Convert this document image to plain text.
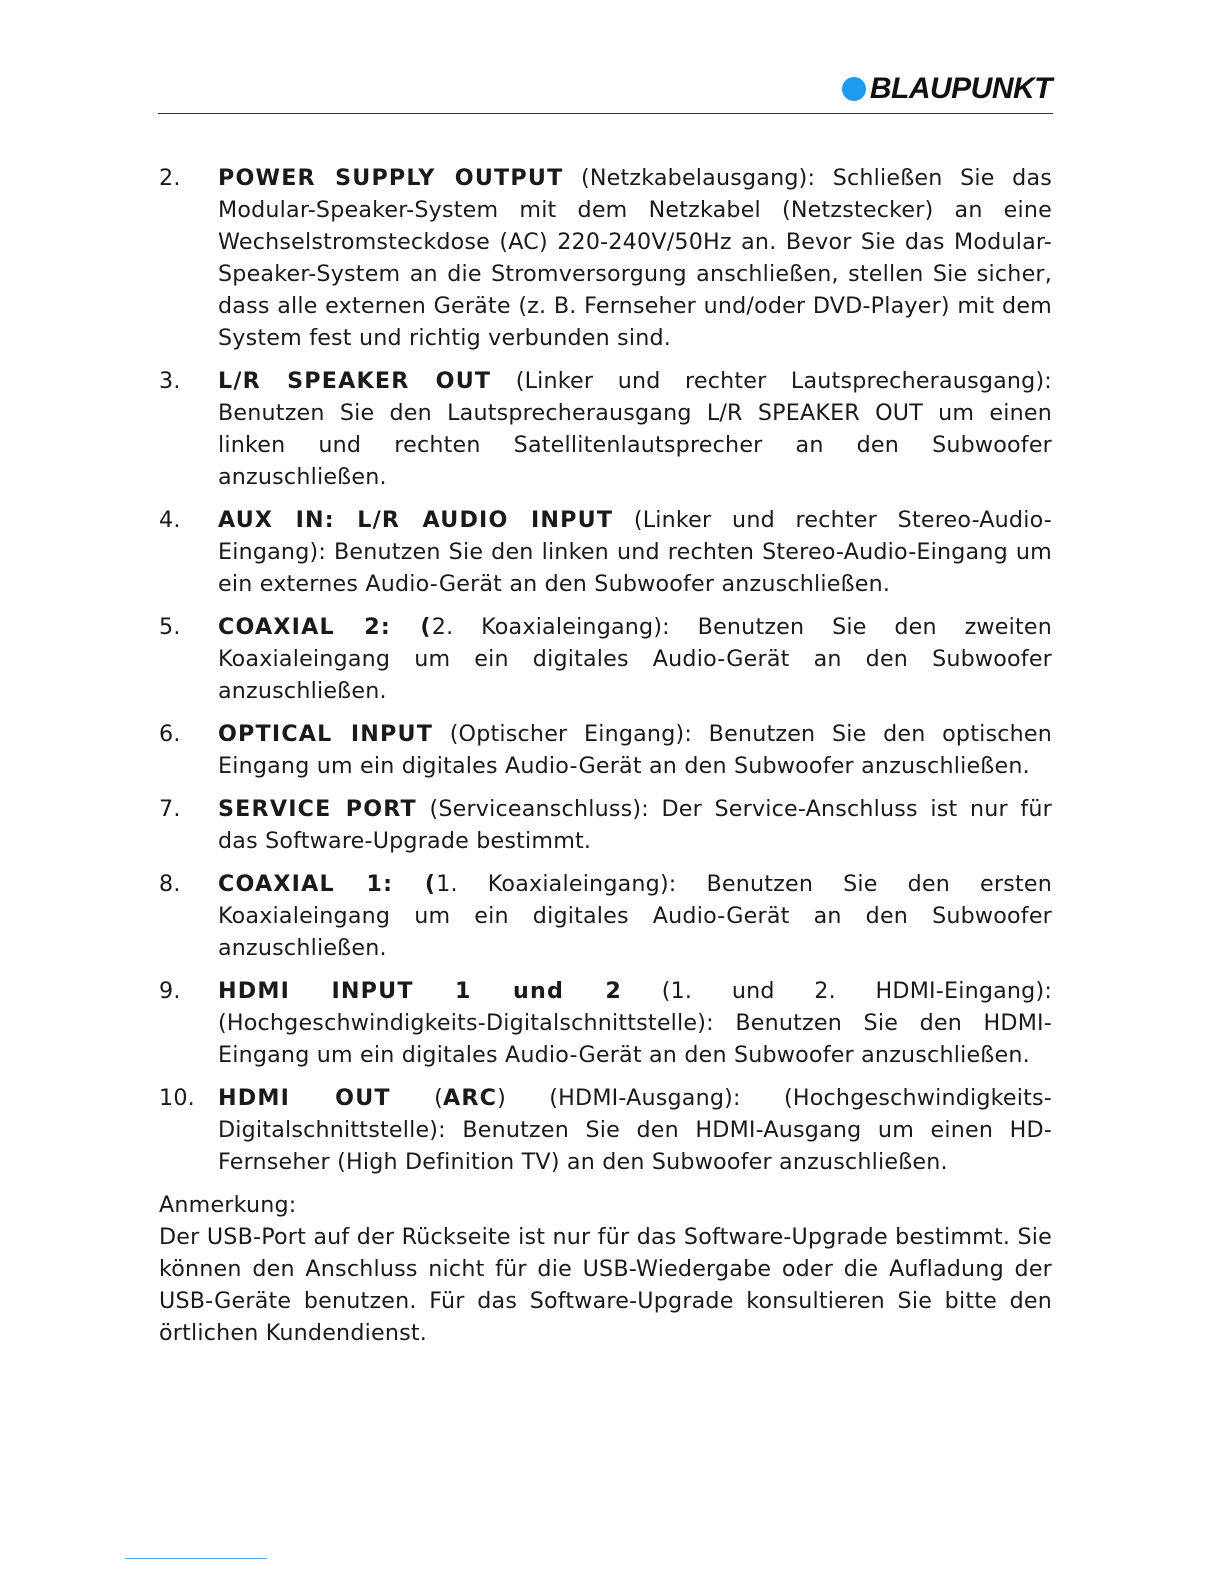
BLAUPUNKT
2.	POWER SUPPLY OUTPUT (Netzkabelausgang): Schließen Sie das Modular-Speaker-System mit dem Netzkabel (Netzstecker) an eine Wechselstromsteckdose (AC) 220-240V/50Hz an. Bevor Sie das Modular-Speaker-System an die Stromversorgung anschließen, stellen Sie sicher, dass alle externen Geräte (z. B. Fernseher und/oder DVD-Player) mit dem System fest und richtig verbunden sind.

3.	L/R SPEAKER OUT (Linker und rechter Lautsprecherausgang): Benutzen Sie den Lautsprecherausgang L/R SPEAKER OUT um einen linken und rechten Satellitenlautsprecher an den Subwoofer anzuschließen.

4.	AUX IN: L/R AUDIO INPUT (Linker und rechter Stereo-Audio-Eingang): Benutzen Sie den linken und rechten Stereo-Audio-Eingang um ein externes Audio-Gerät an den Subwoofer anzuschließen.

5.	COAXIAL 2: (2. Koaxialeingang): Benutzen Sie den zweiten Koaxialeingang um ein digitales Audio-Gerät an den Subwoofer anzuschließen.

6.	OPTICAL INPUT (Optischer Eingang): Benutzen Sie den optischen Eingang um ein digitales Audio-Gerät an den Subwoofer anzuschließen.

7.	SERVICE PORT (Serviceanschluss): Der Service-Anschluss ist nur für das Software-Upgrade bestimmt.

8.	COAXIAL 1: (1. Koaxialeingang): Benutzen Sie den ersten Koaxialeingang um ein digitales Audio-Gerät an den Subwoofer anzuschließen.

9.	HDMI INPUT 1 und 2 (1. und 2. HDMI-Eingang): (Hochgeschwindigkeits-Digitalschnittstelle): Benutzen Sie den HDMI-Eingang um ein digitales Audio-Gerät an den Subwoofer anzuschließen.

10.	HDMI OUT (ARC) (HDMI-Ausgang): (Hochgeschwindigkeits-Digitalschnittstelle): Benutzen Sie den HDMI-Ausgang um einen HD-Fernseher (High Definition TV) an den Subwoofer anzuschließen.

Anmerkung:
Der USB-Port auf der Rückseite ist nur für das Software-Upgrade bestimmt. Sie können den Anschluss nicht für die USB-Wiedergabe oder die Aufladung der USB-Geräte benutzen. Für das Software-Upgrade konsultieren Sie bitte den örtlichen Kundendienst.
